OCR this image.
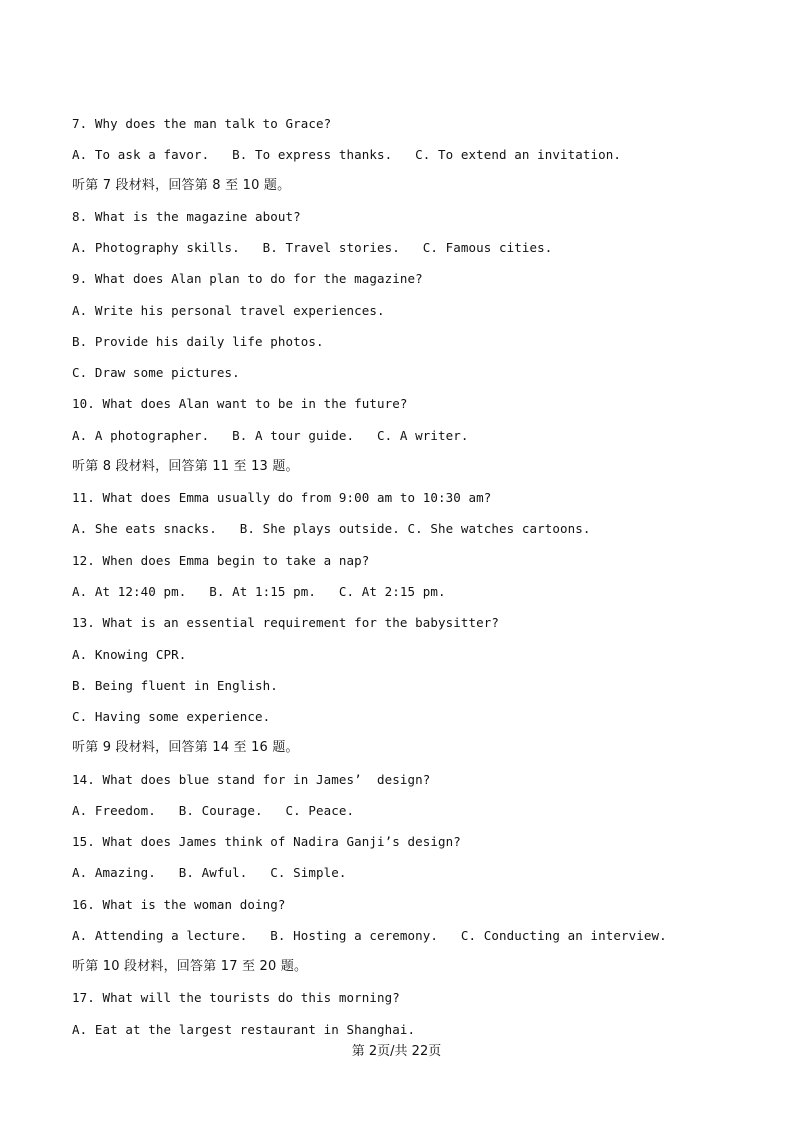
7. Why does the man talk to Grace?
A. To ask a favor.   B. To express thanks.   C. To extend an invitation.
听第 7 段材料，回答第 8 至 10 题。
8. What is the magazine about?
A. Photography skills.   B. Travel stories.   C. Famous cities.
9. What does Alan plan to do for the magazine?
A. Write his personal travel experiences.
B. Provide his daily life photos.
C. Draw some pictures.
10. What does Alan want to be in the future?
A. A photographer.   B. A tour guide.   C. A writer.
听第 8 段材料，回答第 11 至 13 题。
11. What does Emma usually do from 9:00 am to 10:30 am?
A. She eats snacks.   B. She plays outside. C. She watches cartoons.
12. When does Emma begin to take a nap?
A. At 12:40 pm.   B. At 1:15 pm.   C. At 2:15 pm.
13. What is an essential requirement for the babysitter?
A. Knowing CPR.
B. Being fluent in English.
C. Having some experience.
听第 9 段材料，回答第 14 至 16 题。
14. What does blue stand for in James’  design?
A. Freedom.   B. Courage.   C. Peace.
15. What does James think of Nadira Ganji’s design?
A. Amazing.   B. Awful.   C. Simple.
16. What is the woman doing?
A. Attending a lecture.   B. Hosting a ceremony.   C. Conducting an interview.
听第 10 段材料，回答第 17 至 20 题。
17. What will the tourists do this morning?
A. Eat at the largest restaurant in Shanghai.
第 2页/共 22页
